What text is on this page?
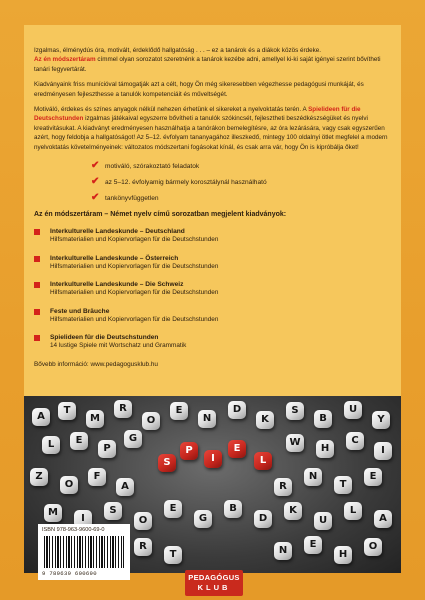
Izgalmas, élménydús óra, motivált, érdeklődő hallgatóság . . . – ez a tanárok és a diákok közös érdeke.
Az én módszertáram címmel olyan sorozatot szeretnénk a tanárok kezébe adni, amellyel ki-ki saját igényei szerint bővítheti tanári fegyvertárát.

Kiadványaink friss munícióval támogatják azt a célt, hogy Ön még sikeresebben végezhesse pedagógusi munkáját, és eredményesen fejleszthesse a tanulók kompetenciáit és műveltségét.

Motiváló, érdekes és színes anyagok nélkül nehezen érhetünk el sikereket a nyelvoktatás terén. A Spielideen für die Deutschstunden izgalmas játékaival egyszerre bővítheti a tanulók szókincsét, fejlesztheti beszédkészségüket és nyelvi kreativitásukat. A kiadványt eredményesen használhatja a tanórákon bemelegítésre, az óra lezárására, vagy csak egyszerűen azért, hogy feldobja a hallgatóságot! Az 5–12. évfolyam tananyagához illeszkedő, mintegy 100 oldalnyi ötlet megfelel a modern nyelvoktatás követelményeinek: változatos módszertani fogásokat kínál, és csak arra vár, hogy Ön is kipróbálja őket!

✔ motiváló, szórakoztató feladatok
✔ az 5–12. évfolyamig bármely korosztálynál használható
✔ tankönyvfüggetlen
Az én módszertáram – Német nyelv című sorozatban megjelent kiadványok:
Interkulturelle Landeskunde – Deutschland
Hilfsmaterialien und Kopiervorlagen für die Deutschstunden
Interkulturelle Landeskunde – Österreich
Hilfsmaterialien und Kopiervorlagen für die Deutschstunden
Interkulturelle Landeskunde – Die Schweiz
Hilfsmaterialien und Kopiervorlagen für die Deutschstunden
Feste und Bräuche
Hilfsmaterialien und Kopiervorlagen für die Deutschstunden
Spielideen für die Deutschstunden
14 lustige Spiele mit Wortschatz und Grammatik
Bővebb információ: www.pedagogusklub.hu
A
T
M
R
O
E
N
D
K
S
B
U
Y
L	E
P
G
S
P
I
E
L
W
H
C
I
Z
O
F
A	R
N
T
E
M
I
S
O
E
G
B
D
K
U
L
A
R
T	N
E
H
O
ISBN 978-963-9600-69-0
9 789639 600690	PEDAGÓGUS
KLUB
